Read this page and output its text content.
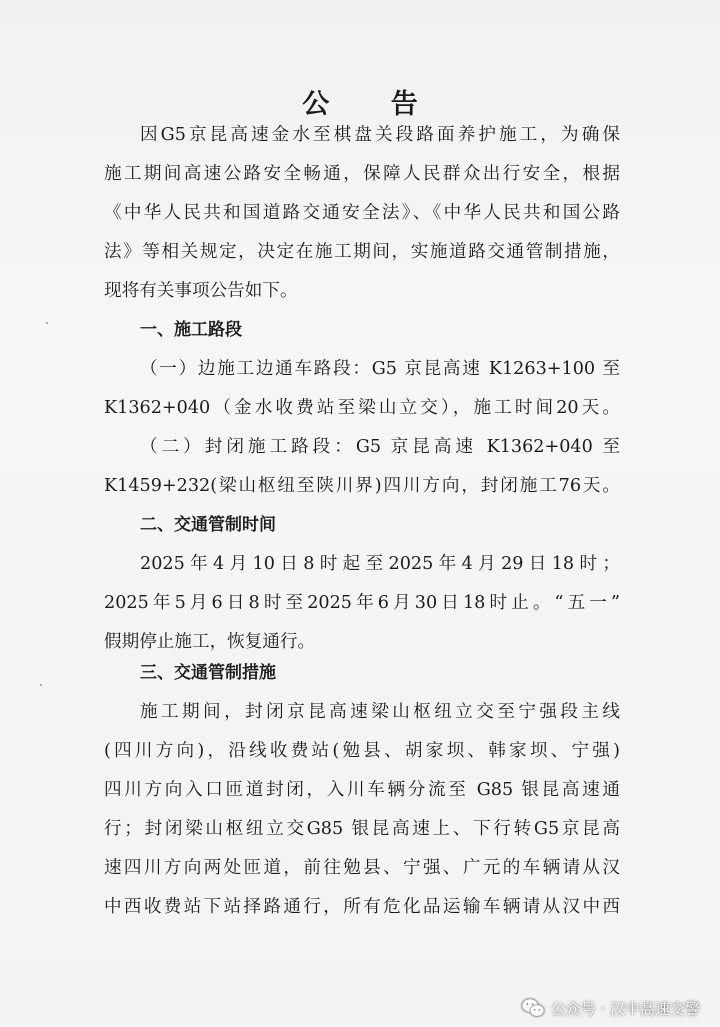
公 告
因G5京昆高速金水至棋盘关段路面养护施工，为确保
施工期间高速公路安全畅通，保障人民群众出行安全，根据
《中华人民共和国道路交通安全法》、《中华人民共和国公路
法》等相关规定，决定在施工期间，实施道路交通管制措施，
现将有关事项公告如下。
一、施工路段
（一）边施工边通车路段：G5 京昆高速 K1263+100 至
K1362+040（金水收费站至梁山立交），施工时间20天。
（二）封闭施工路段：G5 京昆高速 K1362+040 至
K1459+232(梁山枢纽至陕川界)四川方向，封闭施工76天。
二、交通管制时间
2025年4月10日8时起至2025年4月29日18时；
2025年5月6日8时至2025年6月30日18时止。“五一”
假期停止施工，恢复通行。
三、交通管制措施
施工期间，封闭京昆高速梁山枢纽立交至宁强段主线
(四川方向)，沿线收费站(勉县、胡家坝、韩家坝、宁强)
四川方向入口匝道封闭，入川车辆分流至 G85 银昆高速通
行；封闭梁山枢纽立交G85 银昆高速上、下行转G5京昆高
速四川方向两处匝道，前往勉县、宁强、广元的车辆请从汉
中西收费站下站择路通行，所有危化品运输车辆请从汉中西
公众号 · 汉中高速交警
